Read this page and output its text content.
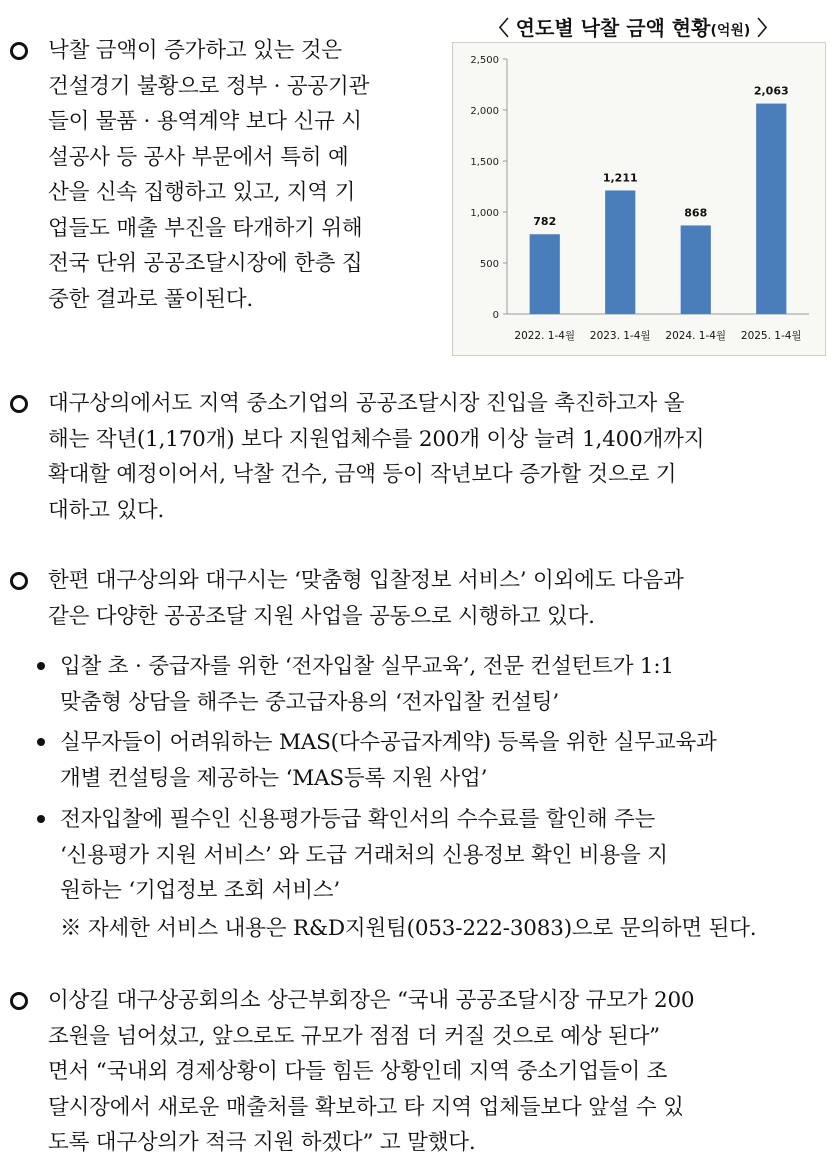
낙찰 금액이 증가하고 있는 것은
건설경기 불황으로 정부 · 공공기관
들이 물품 · 용역계약 보다 신규 시
설공사 등 공사 부문에서 특히 예
산을 신속 집행하고 있고, 지역 기
업들도 매출 부진을 타개하기 위해
전국 단위 공공조달시장에 한층 집
중한 결과로 풀이된다.
〈 연도별 낙찰 금액 현황(억원) 〉
0
500
1,000
1,500
2,000
2,500
782
2022. 1-4월
1,211
2023. 1-4월
868
2024. 1-4월
2,063
2025. 1-4월
대구상의에서도 지역 중소기업의 공공조달시장 진입을 촉진하고자 올
해는 작년(1,170개) 보다 지원업체수를 200개 이상 늘려 1,400개까지
확대할 예정이어서, 낙찰 건수, 금액 등이 작년보다 증가할 것으로 기
대하고 있다.
한편 대구상의와 대구시는 ‘맞춤형 입찰정보 서비스’ 이외에도 다음과
같은 다양한 공공조달 지원 사업을 공동으로 시행하고 있다.
입찰 초 · 중급자를 위한 ‘전자입찰 실무교육’, 전문 컨설턴트가 1:1
맞춤형 상담을 해주는 중고급자용의 ‘전자입찰 컨설팅’
실무자들이 어려워하는 MAS(다수공급자계약) 등록을 위한 실무교육과
개별 컨설팅을 제공하는 ‘MAS등록 지원 사업’
전자입찰에 필수인 신용평가등급 확인서의 수수료를 할인해 주는
‘신용평가 지원 서비스’ 와 도급 거래처의 신용정보 확인 비용을 지
원하는 ‘기업정보 조회 서비스’
※ 자세한 서비스 내용은 R&D지원팀(053-222-3083)으로 문의하면 된다.
이상길 대구상공회의소 상근부회장은 “국내 공공조달시장 규모가 200
조원을 넘어섰고, 앞으로도 규모가 점점 더 커질 것으로 예상 된다”
면서 “국내외 경제상황이 다들 힘든 상황인데 지역 중소기업들이 조
달시장에서 새로운 매출처를 확보하고 타 지역 업체들보다 앞설 수 있
도록 대구상의가 적극 지원 하겠다” 고 말했다.
